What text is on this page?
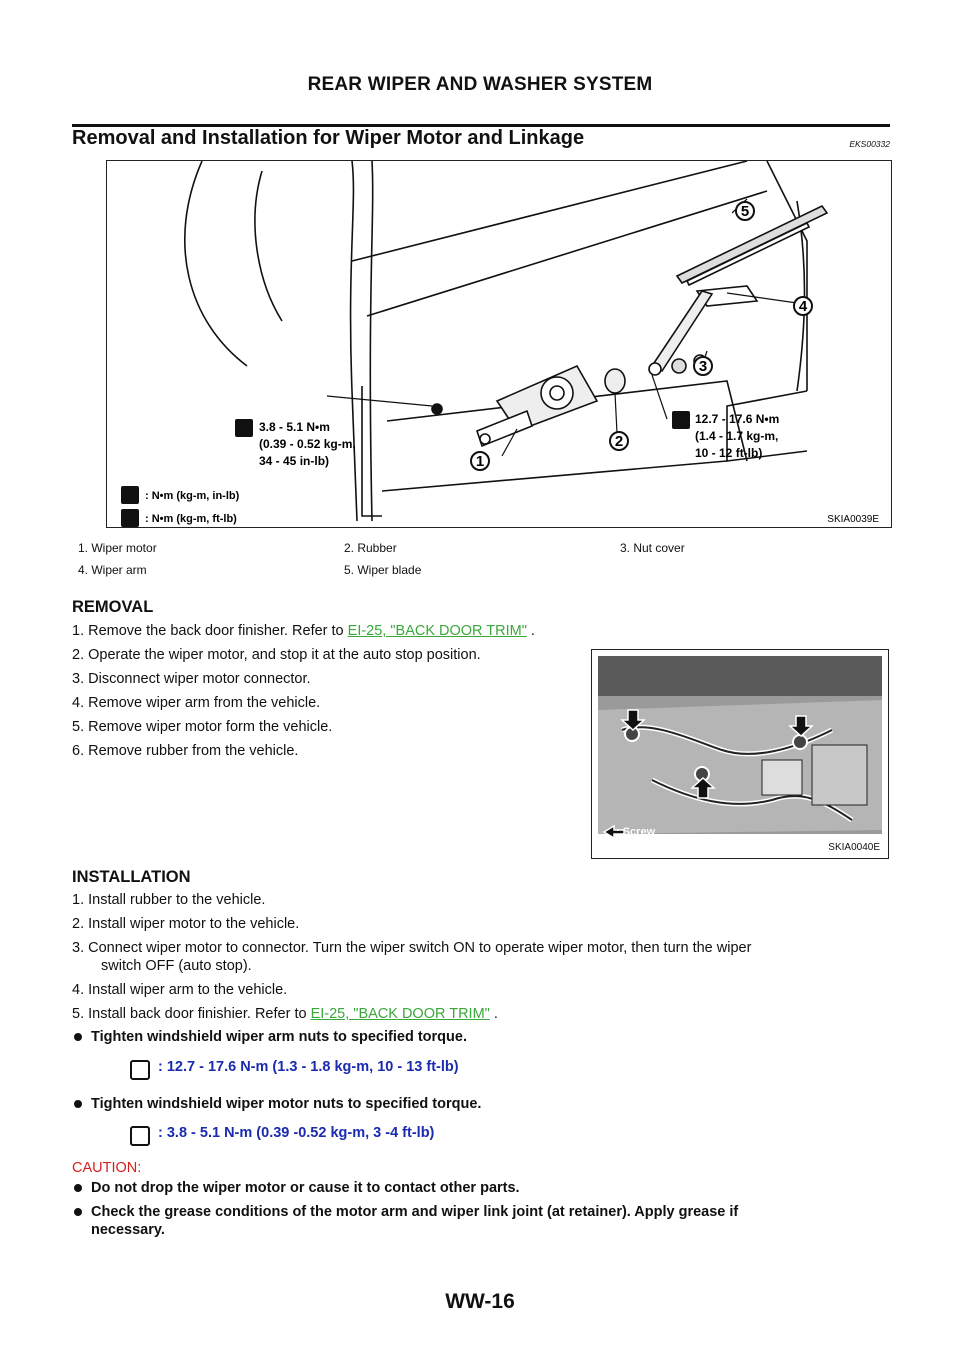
REAR WIPER AND WASHER SYSTEM
Removal and Installation for Wiper Motor and Linkage	EKS00332
5
4
3
2
1
3.8 - 5.1 N•m
(0.39 - 0.52 kg-m,
34 - 45 in-lb)
12.7 - 17.6 N•m
(1.4 - 1.7 kg-m,
10 - 12 ft-lb)
: N•m (kg-m, in-lb)
: N•m (kg-m, ft-lb)	SKIA0039E
1. Wiper motor	2. Rubber	3. Nut cover
4. Wiper arm	5. Wiper blade	
REMOVAL
1. Remove the back door finisher. Refer to EI-25, "BACK DOOR TRIM" .
2. Operate the wiper motor, and stop it at the auto stop position.
3. Disconnect wiper motor connector.
4. Remove wiper arm from the vehicle.
5. Remove wiper motor form the vehicle.
6. Remove rubber from the vehicle.
: Screw
SKIA0040E
INSTALLATION
1. Install rubber to the vehicle.
2. Install wiper motor to the vehicle.
3. Connect wiper motor to connector. Turn the wiper switch ON to operate wiper motor, then turn the wiper
switch OFF (auto stop).
4. Install wiper arm to the vehicle.
5. Install back door finishier. Refer to EI-25, "BACK DOOR TRIM" .
Tighten windshield wiper arm nuts to specified torque.
: 12.7 - 17.6 N-m (1.3 - 1.8 kg-m, 10 - 13 ft-lb)
Tighten windshield wiper motor nuts to specified torque.
: 3.8 - 5.1 N-m (0.39 -0.52 kg-m, 3 -4 ft-lb)
CAUTION:
Do not drop the wiper motor or cause it to contact other parts.
Check the grease conditions of the motor arm and wiper link joint (at retainer). Apply grease if
necessary.
WW-16
